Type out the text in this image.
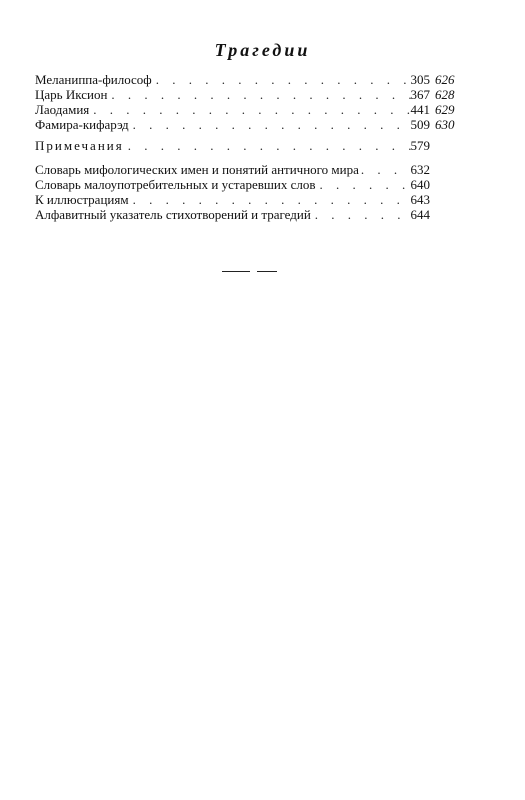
Трагедии
Меланиппа-философ . . .	305 626
Царь Иксион . . .	367 628
Лаодамия . . .	441 629
Фамира-кифарэд . . .	509 630
Примечания . . .	579
Словарь мифологических имен и понятий античного мира . . .	632
Словарь малоупотребительных и устаревших слов . . .	640
К иллюстрациям . . .	643
Алфавитный указатель стихотворений и трагедий . . .	644
